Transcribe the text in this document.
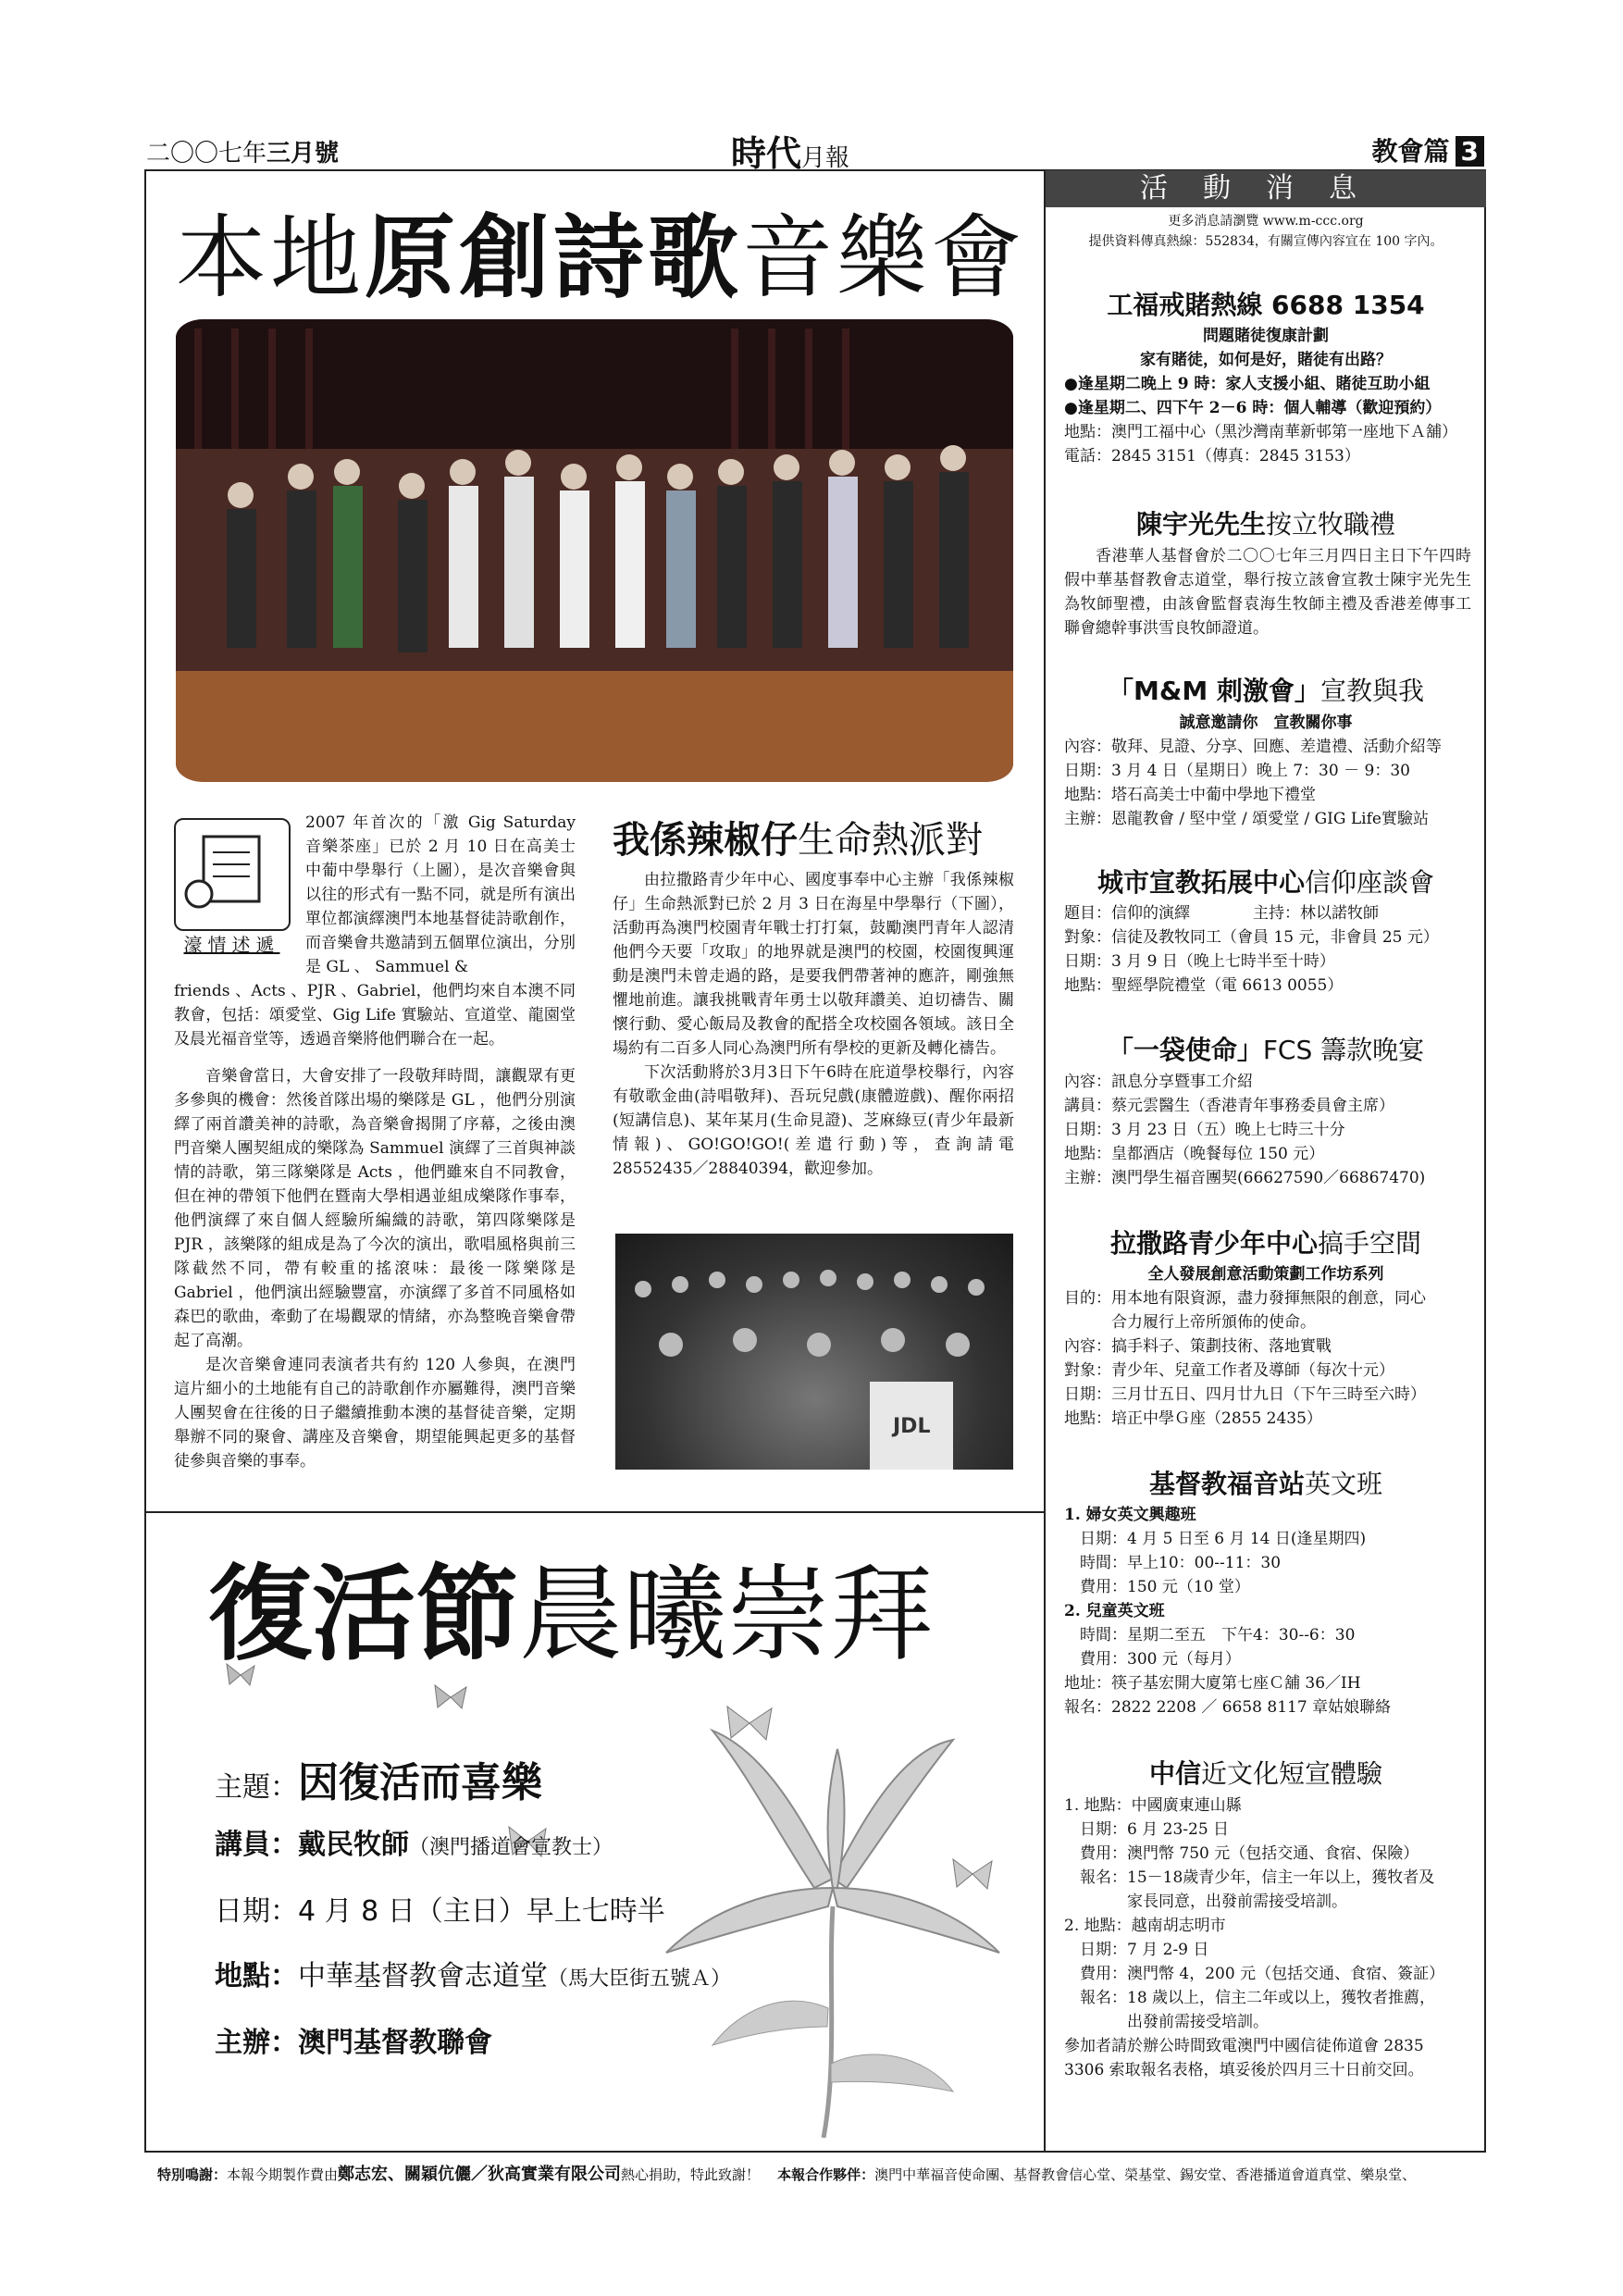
二〇〇七年三月號	時代月報	教會篇 3
本地原創詩歌音樂會
濠情述遞
2007 年首次的「激 Gig Saturday 音樂茶座」已於 2 月 10 日在高美士中葡中學舉行（上圖），是次音樂會與以往的形式有一點不同，就是所有演出單位都演繹澳門本地基督徒詩歌創作，而音樂會共邀請到五個單位演出，分別是 GL 、 Sammuel &
friends 、Acts 、PJR 、Gabriel，他們均來自本澳不同教會，包括：頌愛堂、Gig Life 實驗站、宣道堂、龍園堂及晨光福音堂等，透過音樂將他們聯合在一起。
音樂會當日，大會安排了一段敬拜時間，讓觀眾有更多參與的機會：然後首隊出場的樂隊是 GL ，他們分別演繹了兩首讚美神的詩歌，為音樂會揭開了序幕，之後由澳門音樂人團契組成的樂隊為 Sammuel 演繹了三首與神談情的詩歌，第三隊樂隊是 Acts ，他們雖來自不同教會，但在神的帶領下他們在暨南大學相遇並組成樂隊作事奉，他們演繹了來自個人經驗所編織的詩歌，第四隊樂隊是 PJR ，該樂隊的組成是為了今次的演出，歌唱風格與前三隊截然不同，帶有較重的搖滾味：最後一隊樂隊是 Gabriel ，他們演出經驗豐富，亦演繹了多首不同風格如森巴的歌曲，牽動了在場觀眾的情緒，亦為整晚音樂會帶起了高潮。
是次音樂會連同表演者共有約 120 人參與，在澳門這片細小的土地能有自己的詩歌創作亦屬難得，澳門音樂人團契會在往後的日子繼續推動本澳的基督徒音樂，定期舉辦不同的聚會、講座及音樂會，期望能興起更多的基督徒參與音樂的事奉。
我係辣椒仔生命熱派對
由拉撒路青少年中心、國度事奉中心主辦「我係辣椒仔」生命熱派對已於 2 月 3 日在海星中學舉行（下圖），活動再為澳門校園青年戰士打打氣，鼓勵澳門青年人認清他們今天要「攻取」的地界就是澳門的校園，校園復興運動是澳門未曾走過的路，是要我們帶著神的應許，剛強無懼地前進。讓我挑戰青年勇士以敬拜讚美、迫切禱告、關懷行動、愛心飯局及教會的配搭全攻校園各領域。該日全場約有二百多人同心為澳門所有學校的更新及轉化禱告。
下次活動將於3月3日下午6時在庇道學校舉行，內容有敬歌金曲(詩唱敬拜)、吾玩兒戲(康體遊戲)、醒你兩招(短講信息)、某年某月(生命見證)、芝麻綠豆(青少年最新情報)、GO!GO!GO!(差遣行動)等，查詢請電 28552435／28840394，歡迎參加。
JDL
復活節晨曦崇拜
主題：因復活而喜樂
講員：戴民牧師（澳門播道會宣教士）
日期：4 月 8 日（主日）早上七時半
地點：中華基督教會志道堂（馬大臣街五號Ａ）
主辦：澳門基督教聯會
活動消息
更多消息請瀏覽 www.m-ccc.org
提供資料傳真熱線：552834，有關宣傳內容宜在 100 字內。
工福戒賭熱線 6688 1354
問題賭徒復康計劃
家有賭徒，如何是好，賭徒有出路？
●逢星期二晚上 9 時：家人支援小組、賭徒互助小組
●逢星期二、四下午 2－6 時：個人輔導（歡迎預約）
地點：澳門工福中心（黑沙灣南華新邨第一座地下Ａ舖）
電話：2845 3151（傳真：2845 3153）
陳宇光先生按立牧職禮
香港華人基督會於二〇〇七年三月四日主日下午四時假中華基督教會志道堂，舉行按立該會宣教士陳宇光先生為牧師聖禮，由該會監督袁海生牧師主禮及香港差傳事工聯會總幹事洪雪良牧師證道。
「M&M 刺激會」宣教與我
誠意邀請你　宣教關你事
內容：敬拜、見證、分享、回應、差遣禮、活動介紹等
日期：3 月 4 日（星期日）晚上 7：30 － 9：30
地點：塔石高美士中葡中學地下禮堂
主辦：恩龍教會 / 堅中堂 / 頌愛堂 / GIG Life實驗站
城市宣教拓展中心信仰座談會
題目：信仰的演繹　　　　主持：林以諾牧師
對象：信徒及教牧同工（會員 15 元，非會員 25 元）
日期：3 月 9 日（晚上七時半至十時）
地點：聖經學院禮堂（電 6613 0055）
「一袋使命」FCS 籌款晚宴
內容：訊息分享暨事工介紹
講員：蔡元雲醫生（香港青年事務委員會主席）
日期：3 月 23 日（五）晚上七時三十分
地點：皇都酒店（晚餐每位 150 元）
主辦：澳門學生福音團契(66627590／66867470)
拉撒路青少年中心搞手空間
全人發展創意活動策劃工作坊系列
目的：用本地有限資源，盡力發揮無限的創意，同心
　　　合力履行上帝所頒佈的使命。
內容：搞手料子、策劃技術、落地實戰
對象：青少年、兒童工作者及導師（每次十元）
日期：三月廿五日、四月廿九日（下午三時至六時）
地點：培正中學Ｇ座（2855 2435）
基督教福音站英文班
1. 婦女英文興趣班
　日期：4 月 5 日至 6 月 14 日(逢星期四)
　時間：早上10：00--11：30
　費用：150 元（10 堂）
2. 兒童英文班
　時間：星期二至五　下午4：30--6：30
　費用：300 元（每月）
地址：筷子基宏開大廈第七座Ｃ舖 36／IH
報名：2822 2208 ／ 6658 8117 章姑娘聯絡
中信近文化短宣體驗
1. 地點：中國廣東連山縣
　日期：6 月 23-25 日
　費用：澳門幣 750 元（包括交通、食宿、保險）
　報名：15－18歲青少年，信主一年以上，獲牧者及
　　　　家長同意，出發前需接受培訓。
2. 地點：越南胡志明市
　日期：7 月 2-9 日
　費用：澳門幣 4，200 元（包括交通、食宿、簽証）
　報名：18 歲以上，信主二年或以上，獲牧者推薦，
　　　　出發前需接受培訓。
參加者請於辦公時間致電澳門中國信徒佈道會 2835
3306 索取報名表格，填妥後於四月三十日前交回。
特別鳴謝：本報今期製作費由鄭志宏、關穎伉儷／狄高實業有限公司熱心捐助，特此致謝！ 本報合作夥伴：澳門中華福音使命團、基督教會信心堂、榮基堂、錫安堂、香港播道會道真堂、樂泉堂、
